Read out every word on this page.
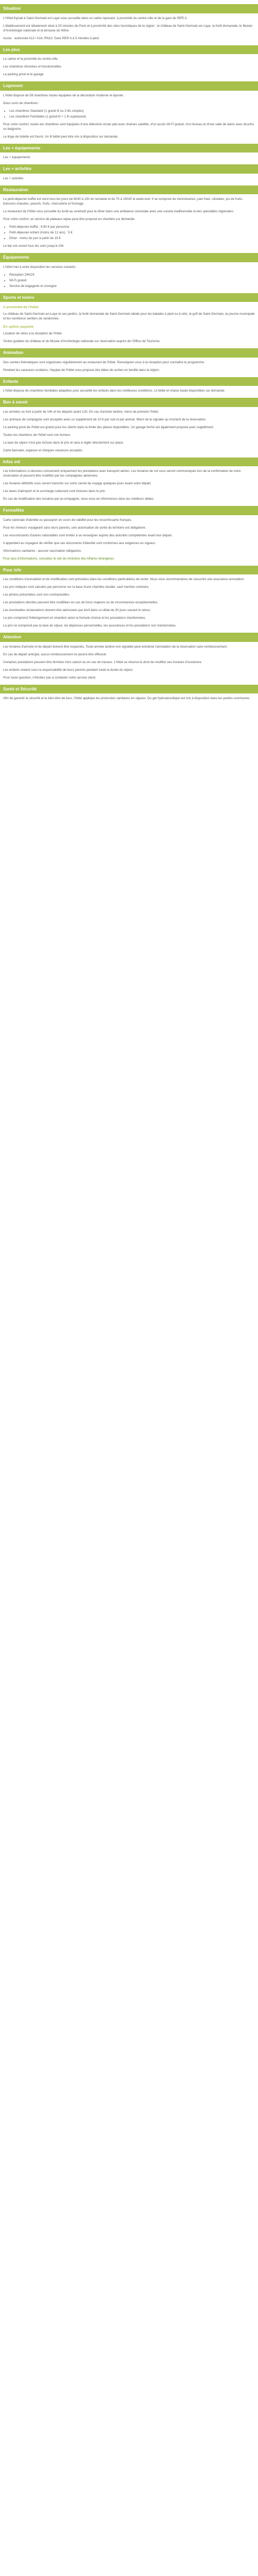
Situation

L'Hôtel Kyriad à Saint-Germain-en-Laye vous accueille dans un cadre reposant, à proximité du centre-ville et de la gare du RER A.

L'établissement est idéalement situé à 20 minutes de Paris et à proximité des sites touristiques de la région : le château de Saint-Germain-en-Laye, la forêt domaniale, le Musée d'Archéologie nationale et la terrasse du Nôtre.

Accès : autoroute A13 / A14, RN13. Gare RER A à 5 minutes à pied.

Les plus

Le calme et la proximité du centre-ville

Les chambres rénovées et fonctionnelles

Le parking privé et le garage

Logement

L'hôtel dispose de 59 chambres toutes équipées de la décoration moderne et épurée :

Deux sorts de chambres :

• Les chambres Standard (1 grand lit ou 2 lits simples)
• Les chambres Familiales (1 grand lit + 1 lit superposé)

Pour votre confort, toutes les chambres sont équipées d'une télévision écran plat avec chaînes satellite, d'un accès Wi-Fi gratuit, d'un bureau et d'une salle de bains avec douche ou baignoire.

Le linge de toilette est fourni. Un lit bébé peut être mis à disposition sur demande.

Les + équipements

Les + équipements

Les + activités

Les + activités

Restauration

Le petit-déjeuner buffet est servi tous les jours de 6h30 à 10h en semaine et de 7h à 10h30 le week-end. Il se compose de viennoiseries, pain frais, céréales, jus de fruits, boissons chaudes, yaourts, fruits, charcuterie et fromage.

Le restaurant de l'hôtel vous accueille du lundi au vendredi pour le dîner dans une ambiance conviviale avec une cuisine traditionnelle et des spécialités régionales.

Pour votre confort, un service de plateaux-repas peut être proposé en chambre sur demande.

• Petit-déjeuner buffet : 9,90 € par personne
• Petit-déjeuner enfant (moins de 12 ans) : 5 €
• Dîner : menu du jour à partir de 15 €

Le bar est ouvert tous les soirs jusqu'à 23h.

Équipements

L'hôtel met à votre disposition les services suivants :

• Réception 24h/24
• Wi-Fi gratuit
• Service de bagagerie et consigne
Sports et loisirs
A proximité de l'hôtel

Le château de Saint-Germain-en-Laye et ses jardins, la forêt domaniale de Saint-Germain idéale pour les balades à pied ou à vélo, le golf de Saint-Germain, la piscine municipale et les nombreux sentiers de randonnée.

En option payante

Location de vélos à la réception de l'hôtel.

Visites guidées du château et du Musée d'Archéologie nationale sur réservation auprès de l'Office de Tourisme.

Animation

Des soirées thématiques sont organisées régulièrement au restaurant de l'hôtel. Renseignez-vous à la réception pour connaître le programme.

Pendant les vacances scolaires, l'équipe de l'hôtel vous propose des idées de sorties en famille dans la région.

Enfants

L'hôtel dispose de chambres familiales adaptées pour accueillir les enfants dans les meilleures conditions. Lit bébé et chaise haute disponibles sur demande.

Bon à savoir

Les arrivées se font à partir de 14h et les départs avant 12h. En cas d'arrivée tardive, merci de prévenir l'hôtel.

Les animaux de compagnie sont acceptés avec un supplément de 10 € par nuit et par animal. Merci de le signaler au moment de la réservation.

Le parking privé de l'hôtel est gratuit pour les clients dans la limite des places disponibles. Un garage fermé est également proposé avec supplément.

Toutes les chambres de l'hôtel sont non-fumeur.

La taxe de séjour n'est pas incluse dans le prix et sera à régler directement sur place.

Carte bancaire, espèces et chèques vacances acceptés.

Infos vol

Les informations ci-dessous concernent uniquement les prestations avec transport aérien. Les horaires de vol vous seront communiqués lors de la confirmation de votre réservation et peuvent être modifiés par les compagnies aériennes.

Les horaires définitifs vous seront transmis sur votre carnet de voyage quelques jours avant votre départ.

Les taxes d'aéroport et la surcharge carburant sont incluses dans le prix.

En cas de modification des horaires par la compagnie, nous vous en informerons dans les meilleurs délais.

Formalités

Carte nationale d'identité ou passeport en cours de validité pour les ressortissants français.

Pour les mineurs voyageant sans leurs parents, une autorisation de sortie du territoire est obligatoire.

Les ressortissants d'autres nationalités sont invités à se renseigner auprès des autorités compétentes avant leur départ.

Il appartient au voyageur de vérifier que ses documents d'identité sont conformes aux exigences en vigueur.

Informations sanitaires : aucune vaccination obligatoire.

Pour plus d'informations, consultez le site du ministère des Affaires étrangères.

Pour info

Les conditions d'annulation et de modification sont précisées dans les conditions particulières de vente. Nous vous recommandons de souscrire une assurance annulation.

Les prix indiqués sont calculés par personne sur la base d'une chambre double, sauf mention contraire.

Les photos présentées sont non contractuelles.

Les prestations décrites peuvent être modifiées en cas de force majeure ou de circonstances exceptionnelles.

Les éventuelles réclamations doivent être adressées par écrit dans un délai de 30 jours suivant le retour.

Le prix comprend l'hébergement en chambre selon la formule choisie et les prestations mentionnées.

Le prix ne comprend pas la taxe de séjour, les dépenses personnelles, les assurances et les prestations non mentionnées.

Attention

Les horaires d'arrivée et de départ doivent être respectés. Toute arrivée tardive non signalée peut entraîner l'annulation de la réservation sans remboursement.

En cas de départ anticipé, aucun remboursement ne pourra être effectué.

Certaines prestations peuvent être fermées hors saison ou en cas de travaux. L'hôtel se réserve le droit de modifier ses horaires d'ouverture.

Les enfants restent sous la responsabilité de leurs parents pendant toute la durée du séjour.

Pour toute question, n'hésitez pas à contacter notre service client.

Santé et Sécurité

Afin de garantir la sécurité et le bien-être de tous, l'hôtel applique les protocoles sanitaires en vigueur. Du gel hydroalcoolique est mis à disposition dans les parties communes.
